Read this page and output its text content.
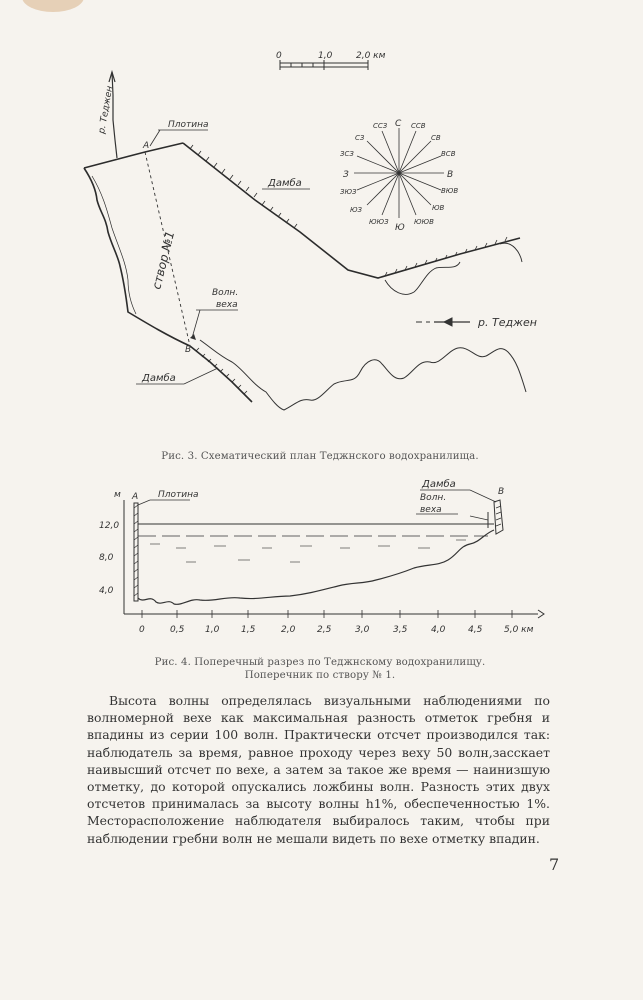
0	1,0	2,0 км
р. Теджен
р. Теджен
створ №1
Плотина
А
В
Дамба
Волн.
веха
Дамба
С ССВ
СВ
ВСВ
В
ВЮВ
ЮВ
ЮЮВ
Ю
ЮЮЗ
ЮЗ
ЗЮЗ
З
ЗСЗ
СЗ
ССЗ
м
12,0
8,0
4,0
0	0,5 1,0 1,5	2,0 2,5	3,0	3,5	4,0	4,5 5,0 км
А Плотина	В
Дамба
Волн.
веха
Рис. 3. Схематический план Теджнского водохранилища.
Рис. 4. Поперечный разрез по Теджнскому водохранилищу.
Поперечник по створу № 1.
Высота волны определялась визуальными наблюдениями по волномерной вехе как максимальная разность отметок гребня и впадины из серии 100 волн. Практически отсчет производился так: наблюдатель за время, равное проходу через веху 50 волн,засскает наивысший отсчет по вехе, а затем за такое же время — наинизшую отметку, до которой опускались ложбины волн. Разность этих двух отсчетов принималась за высоту волны h1%, обеспеченностью 1%. Месторасположение наблюдателя выбиралось таким, чтобы при наблюдении гребни волн не мешали видеть по вехе отметку впадин.
7
